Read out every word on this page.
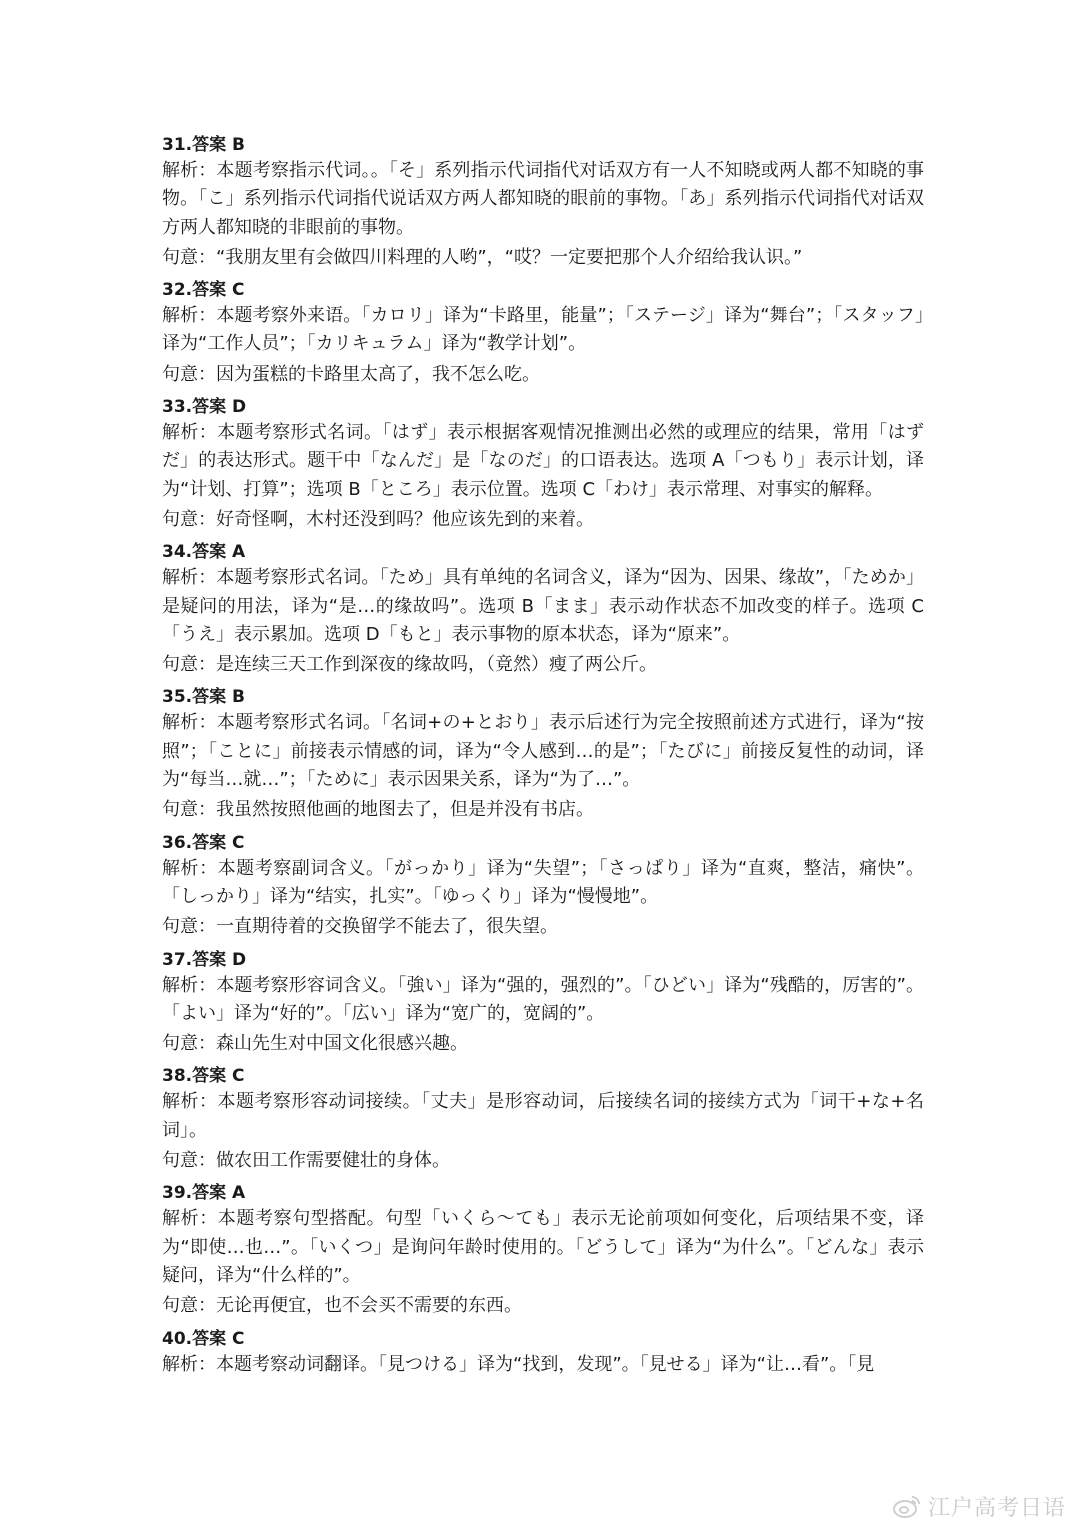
31.答案 B

解析：本题考察指示代词。。「そ」系列指示代词指代对话双方有一人不知晓或两人都不知晓的事物。「こ」系列指示代词指代说话双方两人都知晓的眼前的事物。「あ」系列指示代词指代对话双方两人都知晓的非眼前的事物。

句意：“我朋友里有会做四川料理的人哟”，“哎？一定要把那个人介绍给我认识。”

32.答案 C

解析：本题考察外来语。「カロリ」译为“卡路里，能量”；「ステージ」译为“舞台”；「スタッフ」译为“工作人员”；「カリキュラム」译为“教学计划”。

句意：因为蛋糕的卡路里太高了，我不怎么吃。

33.答案 D

解析：本题考察形式名词。「はず」表示根据客观情况推测出必然的或理应的结果，常用「はずだ」的表达形式。题干中「なんだ」是「なのだ」的口语表达。选项 A「つもり」表示计划，译为“计划、打算”；选项 B「ところ」表示位置。选项 C「わけ」表示常理、对事实的解释。

句意：好奇怪啊，木村还没到吗？他应该先到的来着。

34.答案 A

解析：本题考察形式名词。「ため」具有单纯的名词含义，译为“因为、因果、缘故”，「ためか」是疑问的用法，译为“是…的缘故吗”。选项 B「まま」表示动作状态不加改变的样子。选项 C「うえ」表示累加。选项 D「もと」表示事物的原本状态，译为“原来”。

句意：是连续三天工作到深夜的缘故吗，（竟然）瘦了两公斤。

35.答案 B

解析：本题考察形式名词。「名词+の+とおり」表示后述行为完全按照前述方式进行，译为“按照”；「ことに」前接表示情感的词，译为“令人感到…的是”；「たびに」前接反复性的动词，译为“每当…就…”；「ために」表示因果关系，译为“为了…”。

句意：我虽然按照他画的地图去了，但是并没有书店。

36.答案 C

解析：本题考察副词含义。「がっかり」译为“失望”；「さっぱり」译为“直爽，整洁，痛快”。「しっかり」译为“结实，扎实”。「ゆっくり」译为“慢慢地”。

句意：一直期待着的交换留学不能去了，很失望。

37.答案 D

解析：本题考察形容词含义。「強い」译为“强的，强烈的”。「ひどい」译为“残酷的，厉害的”。「よい」译为“好的”。「広い」译为“宽广的，宽阔的”。

句意：森山先生对中国文化很感兴趣。

38.答案 C

解析：本题考察形容动词接续。「丈夫」是形容动词，后接续名词的接续方式为「词干+な+名词」。

句意：做农田工作需要健壮的身体。

39.答案 A

解析：本题考察句型搭配。句型「いくら〜ても」表示无论前项如何变化，后项结果不变，译为“即使…也…”。「いくつ」是询问年龄时使用的。「どうして」译为“为什么”。「どんな」表示疑问，译为“什么样的”。

句意：无论再便宜，也不会买不需要的东西。

40.答案 C

解析：本题考察动词翻译。「見つける」译为“找到，发现”。「見せる」译为“让…看”。「見

江户高考日语
